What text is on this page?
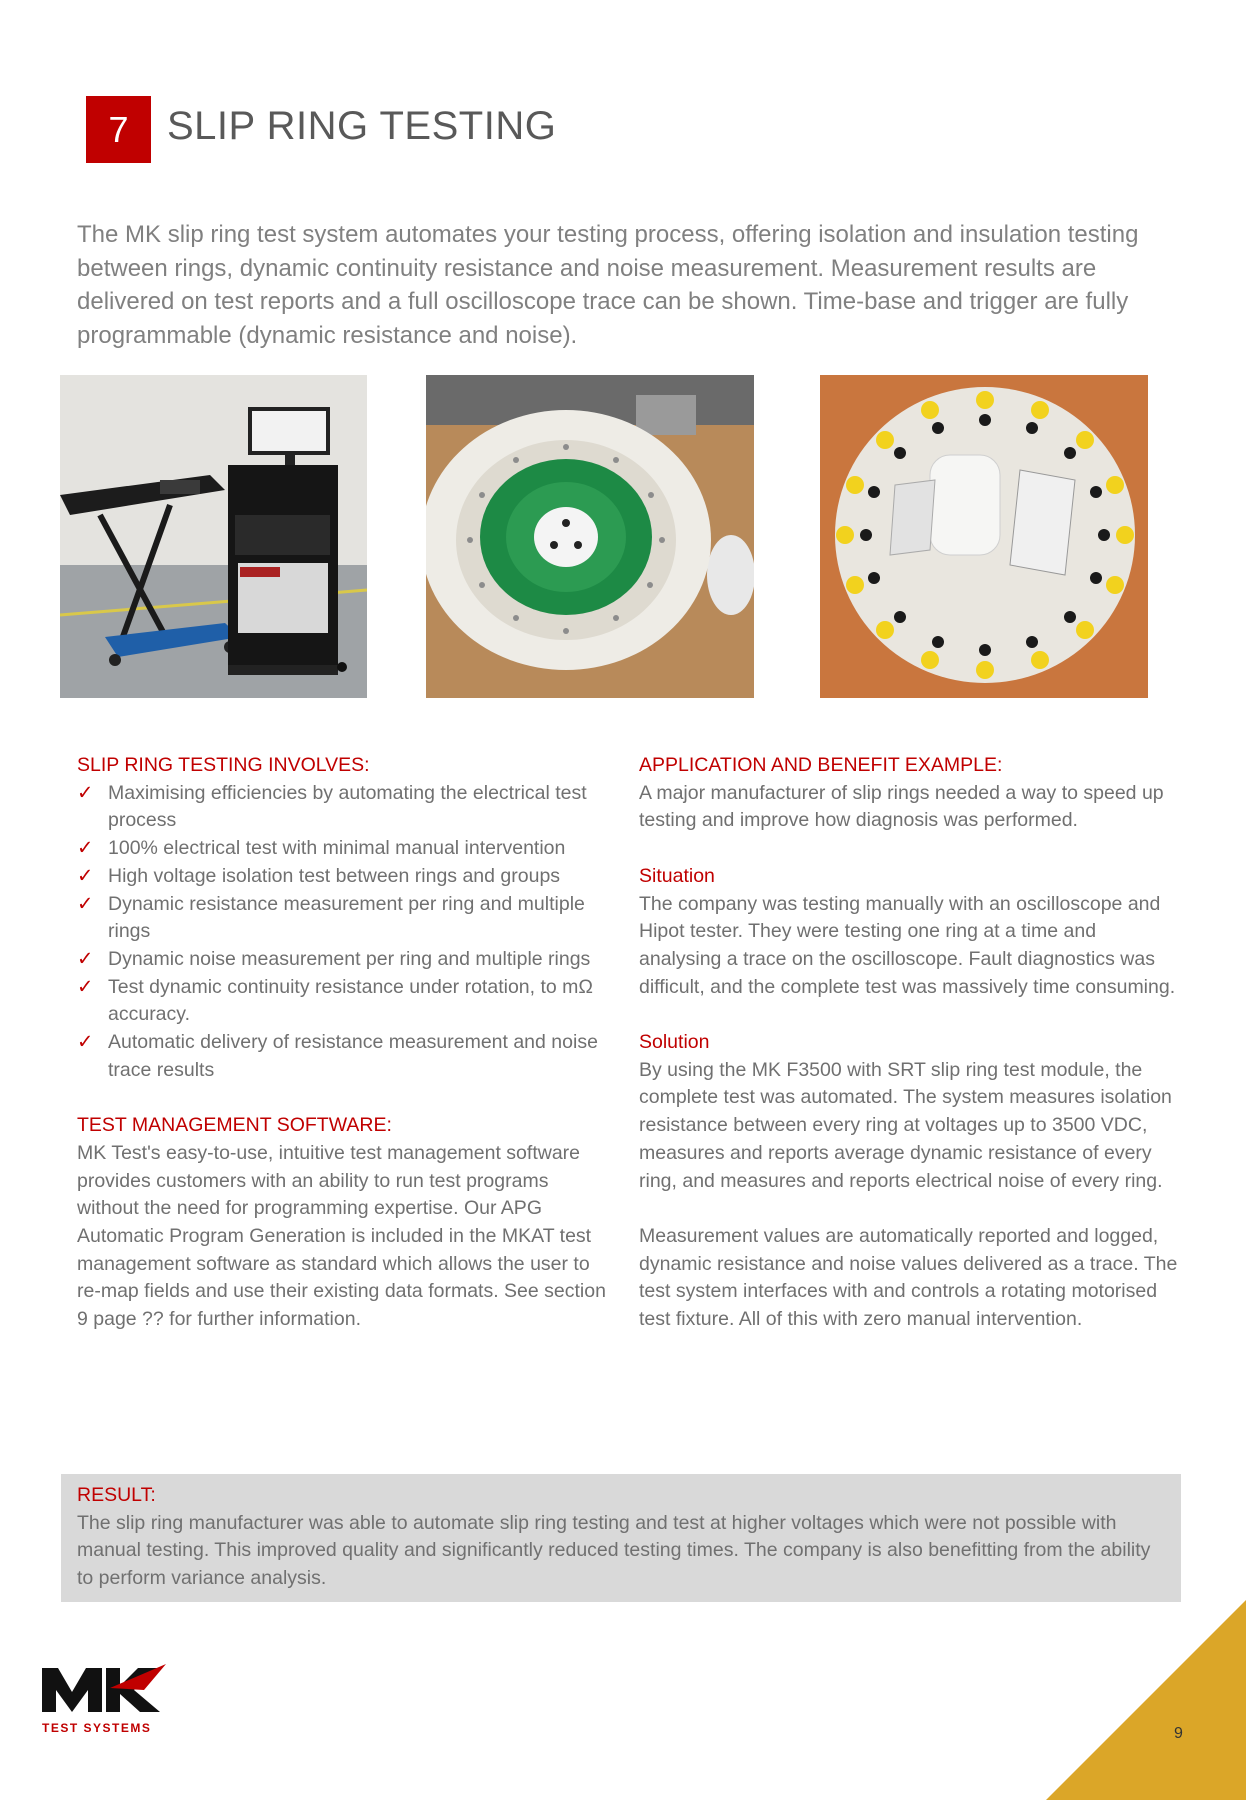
7 SLIP RING TESTING

The MK slip ring test system automates your testing process, offering isolation and insulation testing between rings, dynamic continuity resistance and noise measurement. Measurement results are delivered on test reports and a full oscilloscope trace can be shown. Time-base and trigger are fully programmable (dynamic resistance and noise).

SLIP RING TESTING INVOLVES:
✓ Maximising efficiencies by automating the electrical test process
✓ 100% electrical test with minimal manual intervention
✓ High voltage isolation test between rings and groups
✓ Dynamic resistance measurement per ring and multiple rings
✓ Dynamic noise measurement per ring and multiple rings
✓ Test dynamic continuity resistance under rotation, to mΩ accuracy.
✓ Automatic delivery of resistance measurement and noise trace results
TEST MANAGEMENT SOFTWARE:

MK Test's easy-to-use, intuitive test management software provides customers with an ability to run test programs without the need for programming expertise. Our APG Automatic Program Generation is included in the MKAT test management software as standard which allows the user to re-map fields and use their existing data formats. See section 9 page ?? for further information.

APPLICATION AND BENEFIT EXAMPLE:

A major manufacturer of slip rings needed a way to speed up testing and improve how diagnosis was performed.

Situation

The company was testing manually with an oscilloscope and Hipot tester. They were testing one ring at a time and analysing a trace on the oscilloscope. Fault diagnostics was difficult, and the complete test was massively time consuming.

Solution

By using the MK F3500 with SRT slip ring test module, the complete test was automated. The system measures isolation resistance between every ring at voltages up to 3500 VDC, measures and reports average dynamic resistance of every ring, and measures and reports electrical noise of every ring.

Measurement values are automatically reported and logged, dynamic resistance and noise values delivered as a trace. The test system interfaces with and controls a rotating motorised test fixture. All of this with zero manual intervention.

RESULT:

The slip ring manufacturer was able to automate slip ring testing and test at higher voltages which were not possible with manual testing. This improved quality and significantly reduced testing times. The company is also benefitting from the ability to perform variance analysis.

TEST SYSTEMS	9
